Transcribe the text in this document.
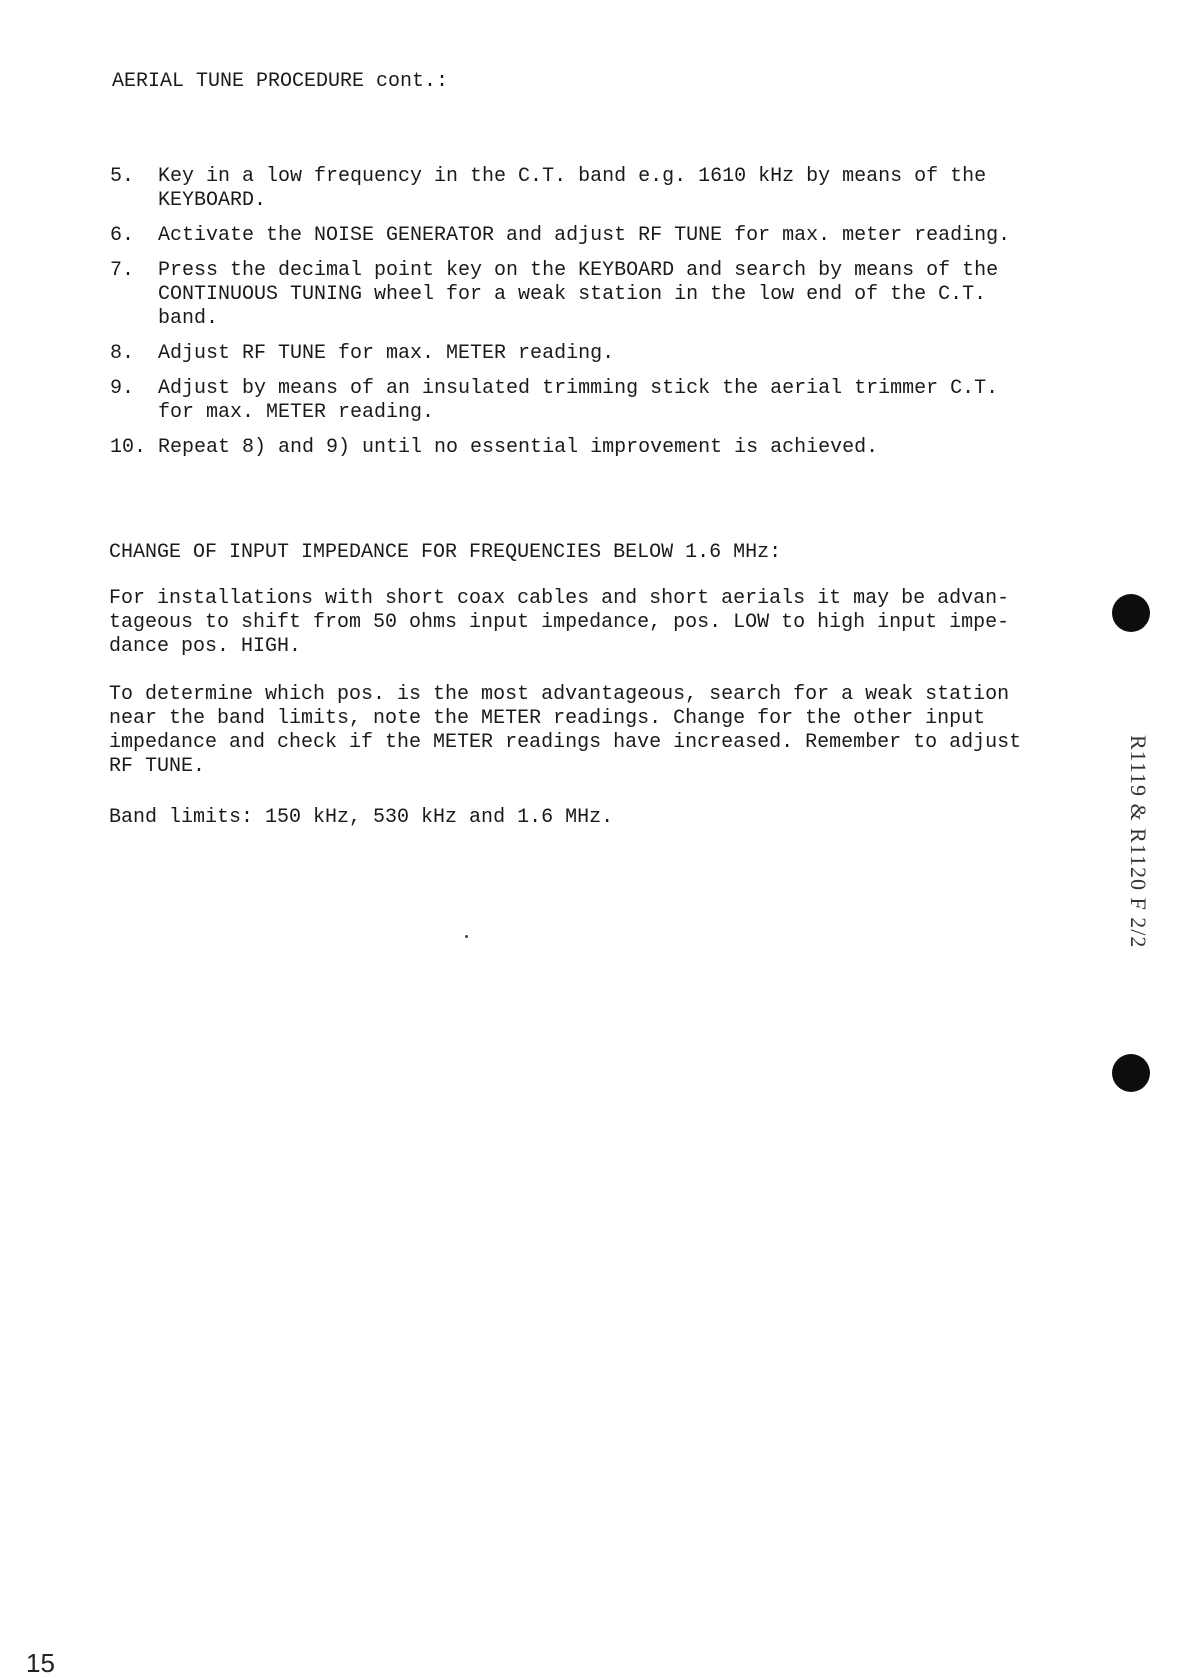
AERIAL TUNE PROCEDURE cont.:
5.	Key in a low frequency in the C.T. band e.g. 1610 kHz by means of the
KEYBOARD.
6.	Activate the NOISE GENERATOR and adjust RF TUNE for max. meter reading.
7.	Press the decimal point key on the KEYBOARD and search by means of the
CONTINUOUS TUNING wheel for a weak station in the low end of the C.T.
band.
8.	Adjust RF TUNE for max. METER reading.
9.	Adjust by means of an insulated trimming stick the aerial trimmer C.T.
for max. METER reading.
10. Repeat 8) and 9) until no essential improvement is achieved.
CHANGE OF INPUT IMPEDANCE FOR FREQUENCIES BELOW 1.6 MHz:

For installations with short coax cables and short aerials it may be advan-
tageous to shift from 50 ohms input impedance, pos. LOW to high input impe-
dance pos. HIGH.

To determine which pos. is the most advantageous, search for a weak station
near the band limits, note the METER readings. Change for the other input
impedance and check if the METER readings have increased. Remember to adjust
RF TUNE.

Band limits: 150 kHz, 530 kHz and 1.6 MHz.	R1119 & R1120 F 2/2
15
